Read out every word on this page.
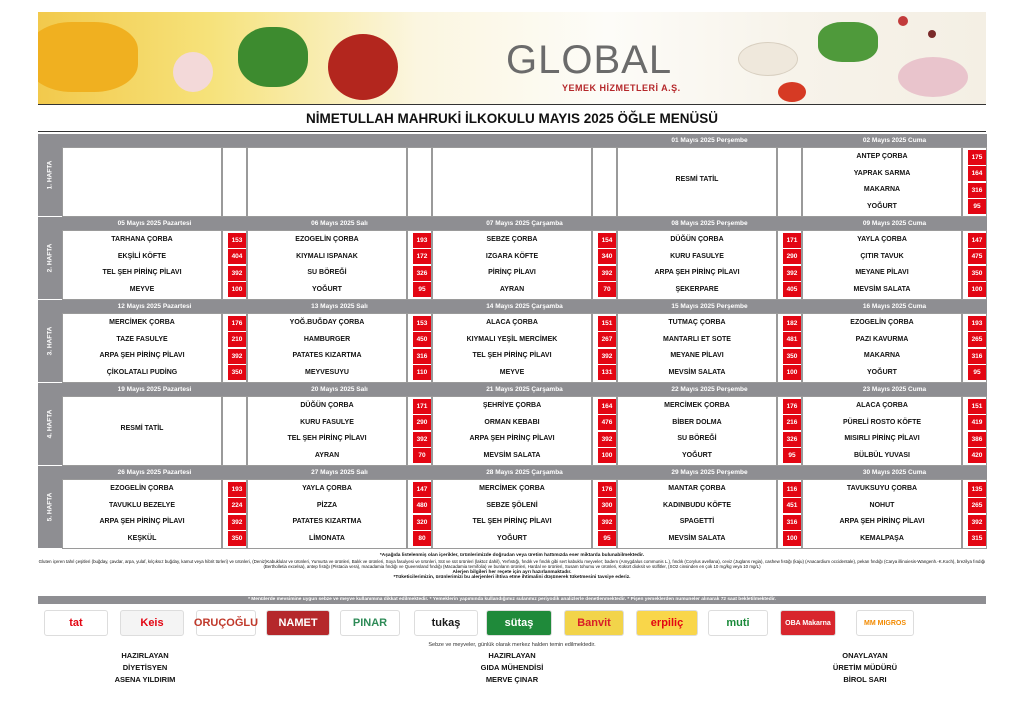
GLOBAL
YEMEK HİZMETLERİ A.Ş.
NİMETULLAH MAHRUKİ İLKOKULU MAYIS 2025 ÖĞLE MENÜSÜ
1. HAFTA
01 Mayıs 2025 Perşembe
RESMİ TATİL
02 Mayıs 2025 Cuma
ANTEP ÇORBA	175
YAPRAK SARMA	164
MAKARNA	316
YOĞURT	95
2. HAFTA
05 Mayıs 2025 Pazartesi
TARHANA ÇORBA	153
EKŞİLİ KÖFTE	404
TEL ŞEH PİRİNÇ PİLAVI	392
MEYVE	100
06 Mayıs 2025 Salı
EZOGELİN ÇORBA	193
KIYMALI ISPANAK	172
SU BÖREĞİ	326
YOĞURT	95
07 Mayıs 2025 Çarşamba
SEBZE ÇORBA	154
IZGARA KÖFTE	340
PİRİNÇ PİLAVI	392
AYRAN	70
08 Mayıs 2025 Perşembe
DÜĞÜN ÇORBA	171
KURU FASULYE	290
ARPA ŞEH PİRİNÇ PİLAVI	392
ŞEKERPARE	405
09 Mayıs 2025 Cuma
YAYLA ÇORBA	147
ÇITIR TAVUK	475
MEYANE PİLAVI	350
MEVSİM SALATA	100
3. HAFTA
12 Mayıs 2025 Pazartesi
MERCİMEK ÇORBA	176
TAZE FASULYE	210
ARPA ŞEH PİRİNÇ PİLAVI	392
ÇİKOLATALI PUDİNG	350
13 Mayıs 2025 Salı
YOĞ.BUĞDAY ÇORBA	153
HAMBURGER	450
PATATES KIZARTMA	316
MEYVESUYU	110
14 Mayıs 2025 Çarşamba
ALACA ÇORBA	151
KIYMALI YEŞİL MERCİMEK	267
TEL ŞEH PİRİNÇ PİLAVI	392
MEYVE	131
15 Mayıs 2025 Perşembe
TUTMAÇ ÇORBA	182
MANTARLI ET SOTE	481
MEYANE PİLAVI	350
MEVSİM SALATA	100
16 Mayıs 2025 Cuma
EZOGELİN ÇORBA	193
PAZI KAVURMA	265
MAKARNA	316
YOĞURT	95
4. HAFTA
19 Mayıs 2025 Pazartesi
RESMİ TATİL
20 Mayıs 2025 Salı
DÜĞÜN ÇORBA	171
KURU FASULYE	290
TEL ŞEH PİRİNÇ PİLAVI	392
AYRAN	70
21 Mayıs 2025 Çarşamba
ŞEHRİYE ÇORBA	164
ORMAN KEBABI	476
ARPA ŞEH PİRİNÇ PİLAVI	392
MEVSİM SALATA	100
22 Mayıs 2025 Perşembe
MERCİMEK ÇORBA	176
BİBER DOLMA	216
SU BÖREĞİ	326
YOĞURT	95
23 Mayıs 2025 Cuma
ALACA ÇORBA	151
PÜRELİ ROSTO KÖFTE	419
MISIRLI PİRİNÇ PİLAVI	386
BÜLBÜL YUVASI	420
5. HAFTA
26 Mayıs 2025 Pazartesi
EZOGELİN ÇORBA	193
TAVUKLU BEZELYE	224
ARPA ŞEH PİRİNÇ PİLAVI	392
KEŞKÜL	350
27 Mayıs 2025 Salı
YAYLA ÇORBA	147
PİZZA	480
PATATES KIZARTMA	320
LİMONATA	80
28 Mayıs 2025 Çarşamba
MERCİMEK ÇORBA	176
SEBZE ŞÖLENİ	300
TEL ŞEH PİRİNÇ PİLAVI	392
YOĞURT	95
29 Mayıs 2025 Perşembe
MANTAR ÇORBA	116
KADINBUDU KÖFTE	451
SPAGETTİ	316
MEVSİM SALATA	100
30 Mayıs 2025 Cuma
TAVUKSUYU ÇORBA	135
NOHUT	265
ARPA ŞEH PİRİNÇ PİLAVI	392
KEMALPAŞA	315
*Aşağıda listelenmiş olan içerikler, ürünlerimizde doğrudan veya üretim hattımızda eser miktarda bulunabilmektedir.
Gluten içeren tahıl çeşitleri (buğday, çavdar, arpa, yulaf, kılçıksız buğday, kamut veya hibrit türleri) ve ürünleri, (Deniz)Kabuklular ve ürünleri, Yumurta ve ürünleri, Balık ve ürünleri, Soya fasulyesi ve ürünleri, Süt ve süt ürünleri (laktoz dahil), Yerfıstığı, fındık ve fındık gibi sert kabuklu meyveler; badem (Amygdalus communis L.), fındık (Corylus avellana), ceviz (Juglans regia), cashew fıstığı (kaju) (Anacardium occidentale), pekan fındığı (Carya illinoiesis-Wangenh.-K.Koch), brezilya fındığı (Bertholletia excelsa), antep fıstığı (Pistacia vera), macadamia fındığı ve Queensland fındığı (Macadamia ternifolia) ve bunların ürünleri, Hardal ve ürünleri, Susam tohumu ve ürünleri, Kükürt dioksit ve sülfitler, (SO2 cinsinden en çok 10 mg/kg veya 10 mg/L)
Alerjen bilgileri her reçete için ayrı hazırlanmaktadır.
*Tüketicilerimizin, ürünlerimizi bu alerjenleri ihtiva etme ihtimalini düşünerek tüketmesini tavsiye ederiz.
* Menülerde mevsimine uygun sebze ve meyve kullanımına dikkat edilmektedir. * Yemeklerin yapımında kullandığımız sulanmız periyodik analizlerle denetlenmektedir. * Pişen yemeklerden numuneler alınarak 72 saat bekletilmektedir.
tat	Keis	ORUÇOĞLU NAMET	PINAR	tukaş	sütaş	Banvit	erpiliç	muti	OBA Makarna	MM MIGROS
Sebze ve meyveler, günlük olarak merkez halden temin edilmektedir.
HAZIRLAYAN
DİYETİSYEN
ASENA YILDIRIM
HAZIRLAYAN
GIDA MÜHENDİSİ
MERVE ÇINAR
ONAYLAYAN
ÜRETİM MÜDÜRÜ
BİROL SARI
